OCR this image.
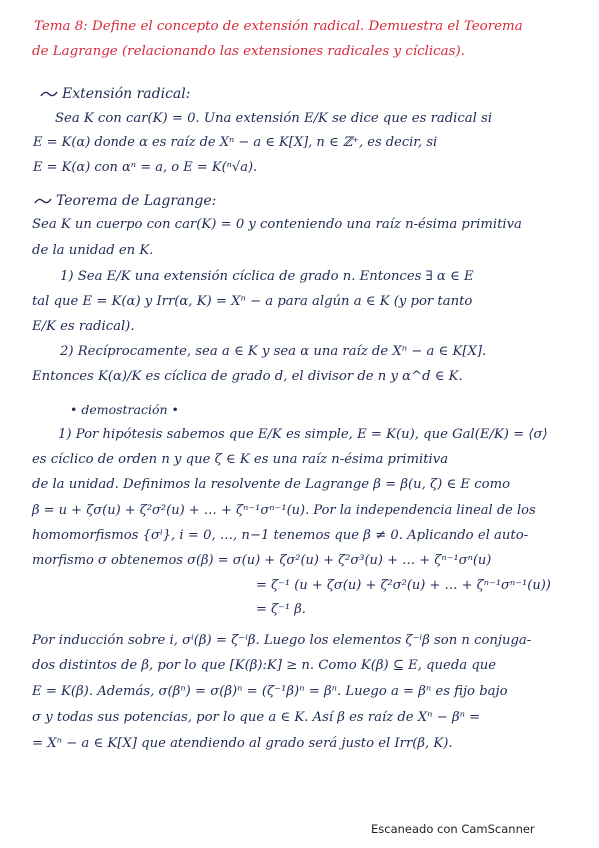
Tema 8: Define el concepto de extensión radical. Demuestra el Teorema
de Lagrange (relacionando las extensiones radicales y cíclicas).
Extensión radical:
Sea K con car(K) = 0. Una extensión E/K se dice que es radical si
E = K(α) donde α es raíz de Xⁿ − a ∈ K[X], n ∈ ℤ⁺, es decir, si
E = K(α) con αⁿ = a, o E = K(ⁿ√a).
Teorema de Lagrange:
Sea K un cuerpo con car(K) = 0 y conteniendo una raíz n-ésima primitiva
de la unidad en K.
1) Sea E/K una extensión cíclica de grado n. Entonces ∃ α ∈ E
tal que E = K(α) y Irr(α, K) = Xⁿ − a para algún a ∈ K (y por tanto
E/K es radical).
2) Recíprocamente, sea a ∈ K y sea α una raíz de Xⁿ − a ∈ K[X].
Entonces K(α)/K es cíclica de grado d, el divisor de n y α^d ∈ K.
• demostración •
1) Por hipótesis sabemos que E/K es simple, E = K(u), que Gal(E/K) = ⟨σ⟩
es cíclico de orden n y que ζ ∈ K es una raíz n-ésima primitiva
de la unidad. Definimos la resolvente de Lagrange β = β(u, ζ) ∈ E como
β = u + ζσ(u) + ζ²σ²(u) + … + ζⁿ⁻¹σⁿ⁻¹(u). Por la independencia lineal de los
homomorfismos {σⁱ}, i = 0, …, n−1 tenemos que β ≠ 0. Aplicando el auto-
morfismo σ obtenemos σ(β) = σ(u) + ζσ²(u) + ζ²σ³(u) + … + ζⁿ⁻¹σⁿ(u)
= ζ⁻¹ (u + ζσ(u) + ζ²σ²(u) + … + ζⁿ⁻¹σⁿ⁻¹(u))
= ζ⁻¹ β.
Por inducción sobre i, σⁱ(β) = ζ⁻ⁱβ. Luego los elementos ζ⁻ⁱβ son n conjuga-
dos distintos de β, por lo que [K(β):K] ≥ n. Como K(β) ⊆ E, queda que
E = K(β). Además, σ(βⁿ) = σ(β)ⁿ = (ζ⁻¹β)ⁿ = βⁿ. Luego a = βⁿ es fijo bajo
σ y todas sus potencias, por lo que a ∈ K. Así β es raíz de Xⁿ − βⁿ =
= Xⁿ − a ∈ K[X] que atendiendo al grado será justo el Irr(β, K).
Escaneado con CamScanner
